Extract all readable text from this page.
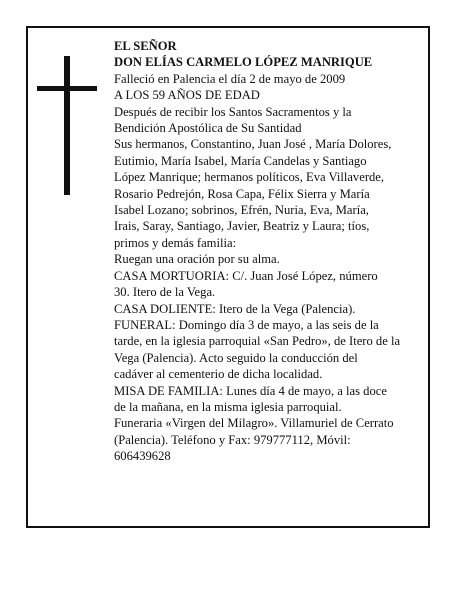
EL SEÑOR
DON ELÍAS CARMELO LÓPEZ MANRIQUE
Falleció en Palencia el día 2 de mayo de 2009
A LOS 59 AÑOS DE EDAD
Después de recibir los Santos Sacramentos y la
Bendición Apostólica de Su Santidad
Sus hermanos, Constantino, Juan José , María Dolores,
Eutimio, María Isabel, María Candelas y Santiago
López Manrique; hermanos políticos, Eva Villaverde,
Rosario Pedrejón, Rosa Capa, Félix Sierra y María
Isabel Lozano; sobrinos, Efrén, Nuria, Eva, María,
Irais, Saray, Santiago, Javier, Beatriz y Laura; tíos,
primos y demás familia:
Ruegan una oración por su alma.
CASA MORTUORIA: C/. Juan José López, número
30. Itero de la Vega.
CASA DOLIENTE: Itero de la Vega (Palencia).
FUNERAL: Domingo día 3 de mayo, a las seis de la
tarde, en la iglesia parroquial «San Pedro», de Itero de la
Vega (Palencia). Acto seguido la conducción del
cadáver al cementerio de dicha localidad.
MISA DE FAMILIA: Lunes día 4 de mayo, a las doce
de la mañana, en la misma iglesia parroquial.
Funeraria «Virgen del Milagro». Villamuriel de Cerrato
(Palencia). Teléfono y Fax: 979777112, Móvil:
606439628
